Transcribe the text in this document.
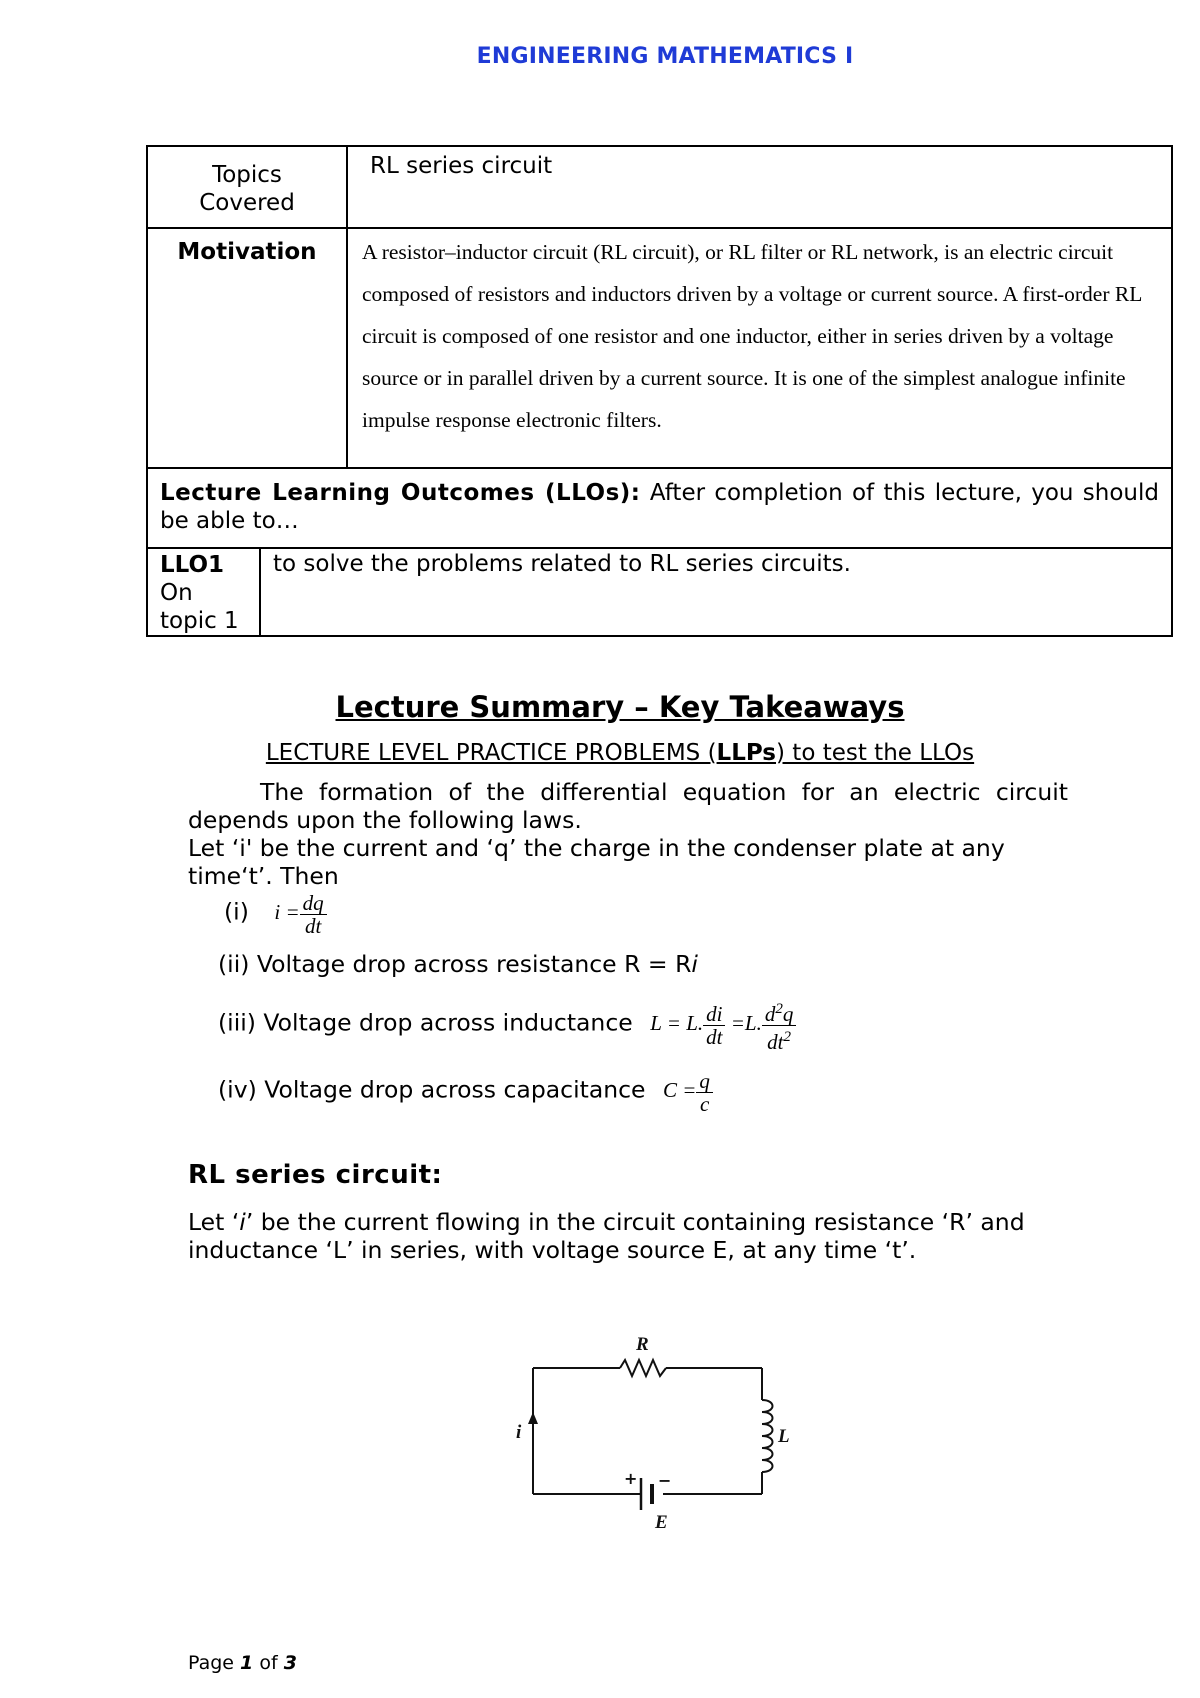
ENGINEERING MATHEMATICS I
Topics Covered		RL series circuit
Motivation		A resistor–inductor circuit (RL circuit), or RL filter or RL network, is an electric circuit composed of resistors and inductors driven by a voltage or current source. A first-order RL circuit is composed of one resistor and one inductor, either in series driven by a voltage source or in parallel driven by a current source. It is one of the simplest analogue infinite impulse response electronic filters.
Lecture Learning Outcomes (LLOs): After completion of this lecture, you should be able to…		
LLO1
On
topic 1	to solve the problems related to RL series circuits.	
Lecture Summary – Key Takeaways
LECTURE LEVEL PRACTICE PROBLEMS (LLPs) to test the LLOs
The formation of the differential equation for an electric circuit depends upon the following laws.
Let ‘i' be the current and ‘q’ the charge in the condenser plate at any time‘t’. Then
(i) $i = \frac{dq}{dt}$
(ii) Voltage drop across resistance R = Ri
(iii) Voltage drop across inductance L = L. $\frac{di}{dt} =L$. $\frac{d^2q}{dt^2}$
(iv) Voltage drop across capacitance $C = \frac{q}{c}$
RL series circuit:
Let ‘i’ be the current flowing in the circuit containing resistance ‘R’ and inductance ‘L’ in series, with voltage source E, at any time ‘t’.
R
L
i
E
+ −
Page 1 of 3
